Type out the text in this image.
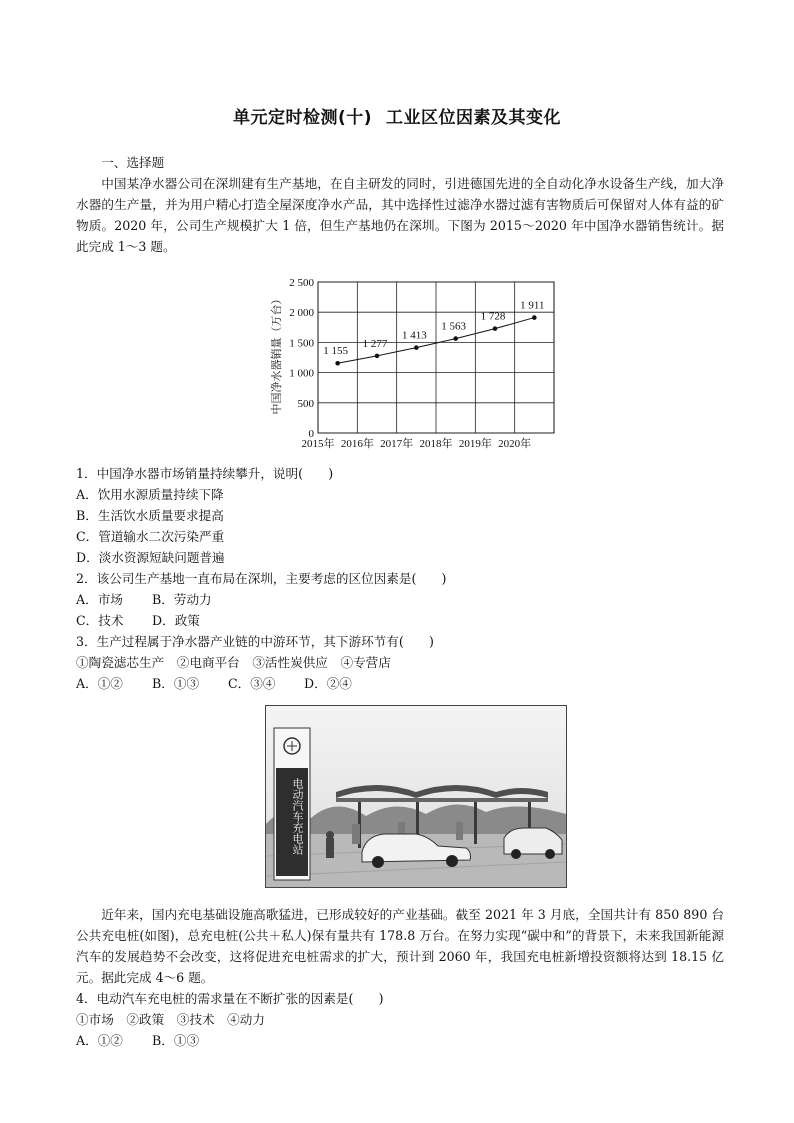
单元定时检测(十) 工业区位因素及其变化

一、选择题

中国某净水器公司在深圳建有生产基地，在自主研发的同时，引进德国先进的全自动化净水设备生产线，加大净水器的生产量，并为用户精心打造全屋深度净水产品，其中选择性过滤净水器过滤有害物质后可保留对人体有益的矿物质。2020 年，公司生产规模扩大 1 倍，但生产基地仍在深圳。下图为 2015～2020 年中国净水器销售统计。据此完成 1～3 题。

0
500
1 000
1 500
2 000
2 500
2015年 2016年 2017年 2018年 2019年 2020年
中国净水器销量（万台）	1 155
1 277
1 413
1 563
1 728
1 911

1．中国净水器市场销量持续攀升，说明(　　)

A．饮用水源质量持续下降

B．生活饮水质量要求提高

C．管道输水二次污染严重

D．淡水资源短缺问题普遍

2．该公司生产基地一直布局在深圳，主要考虑的区位因素是(　　)

A．市场 B．劳动力

C．技术 D．政策

3．生产过程属于净水器产业链的中游环节，其下游环节有(　　)

①陶瓷滤芯生产　②电商平台　③活性炭供应　④专营店

A．①② B．①③ C．③④ D．②④

电动汽车充电站

近年来，国内充电基础设施高歌猛进，已形成较好的产业基础。截至 2021 年 3 月底，全国共计有 850 890 台公共充电桩(如图)，总充电桩(公共＋私人)保有量共有 178.8 万台。在努力实现“碳中和”的背景下，未来我国新能源汽车的发展趋势不会改变，这将促进充电桩需求的扩大，预计到 2060 年，我国充电桩新增投资额将达到 18.15 亿元。据此完成 4～6 题。

4．电动汽车充电桩的需求量在不断扩张的因素是(　　)

①市场　②政策　③技术　④动力

A．①② B．①③
